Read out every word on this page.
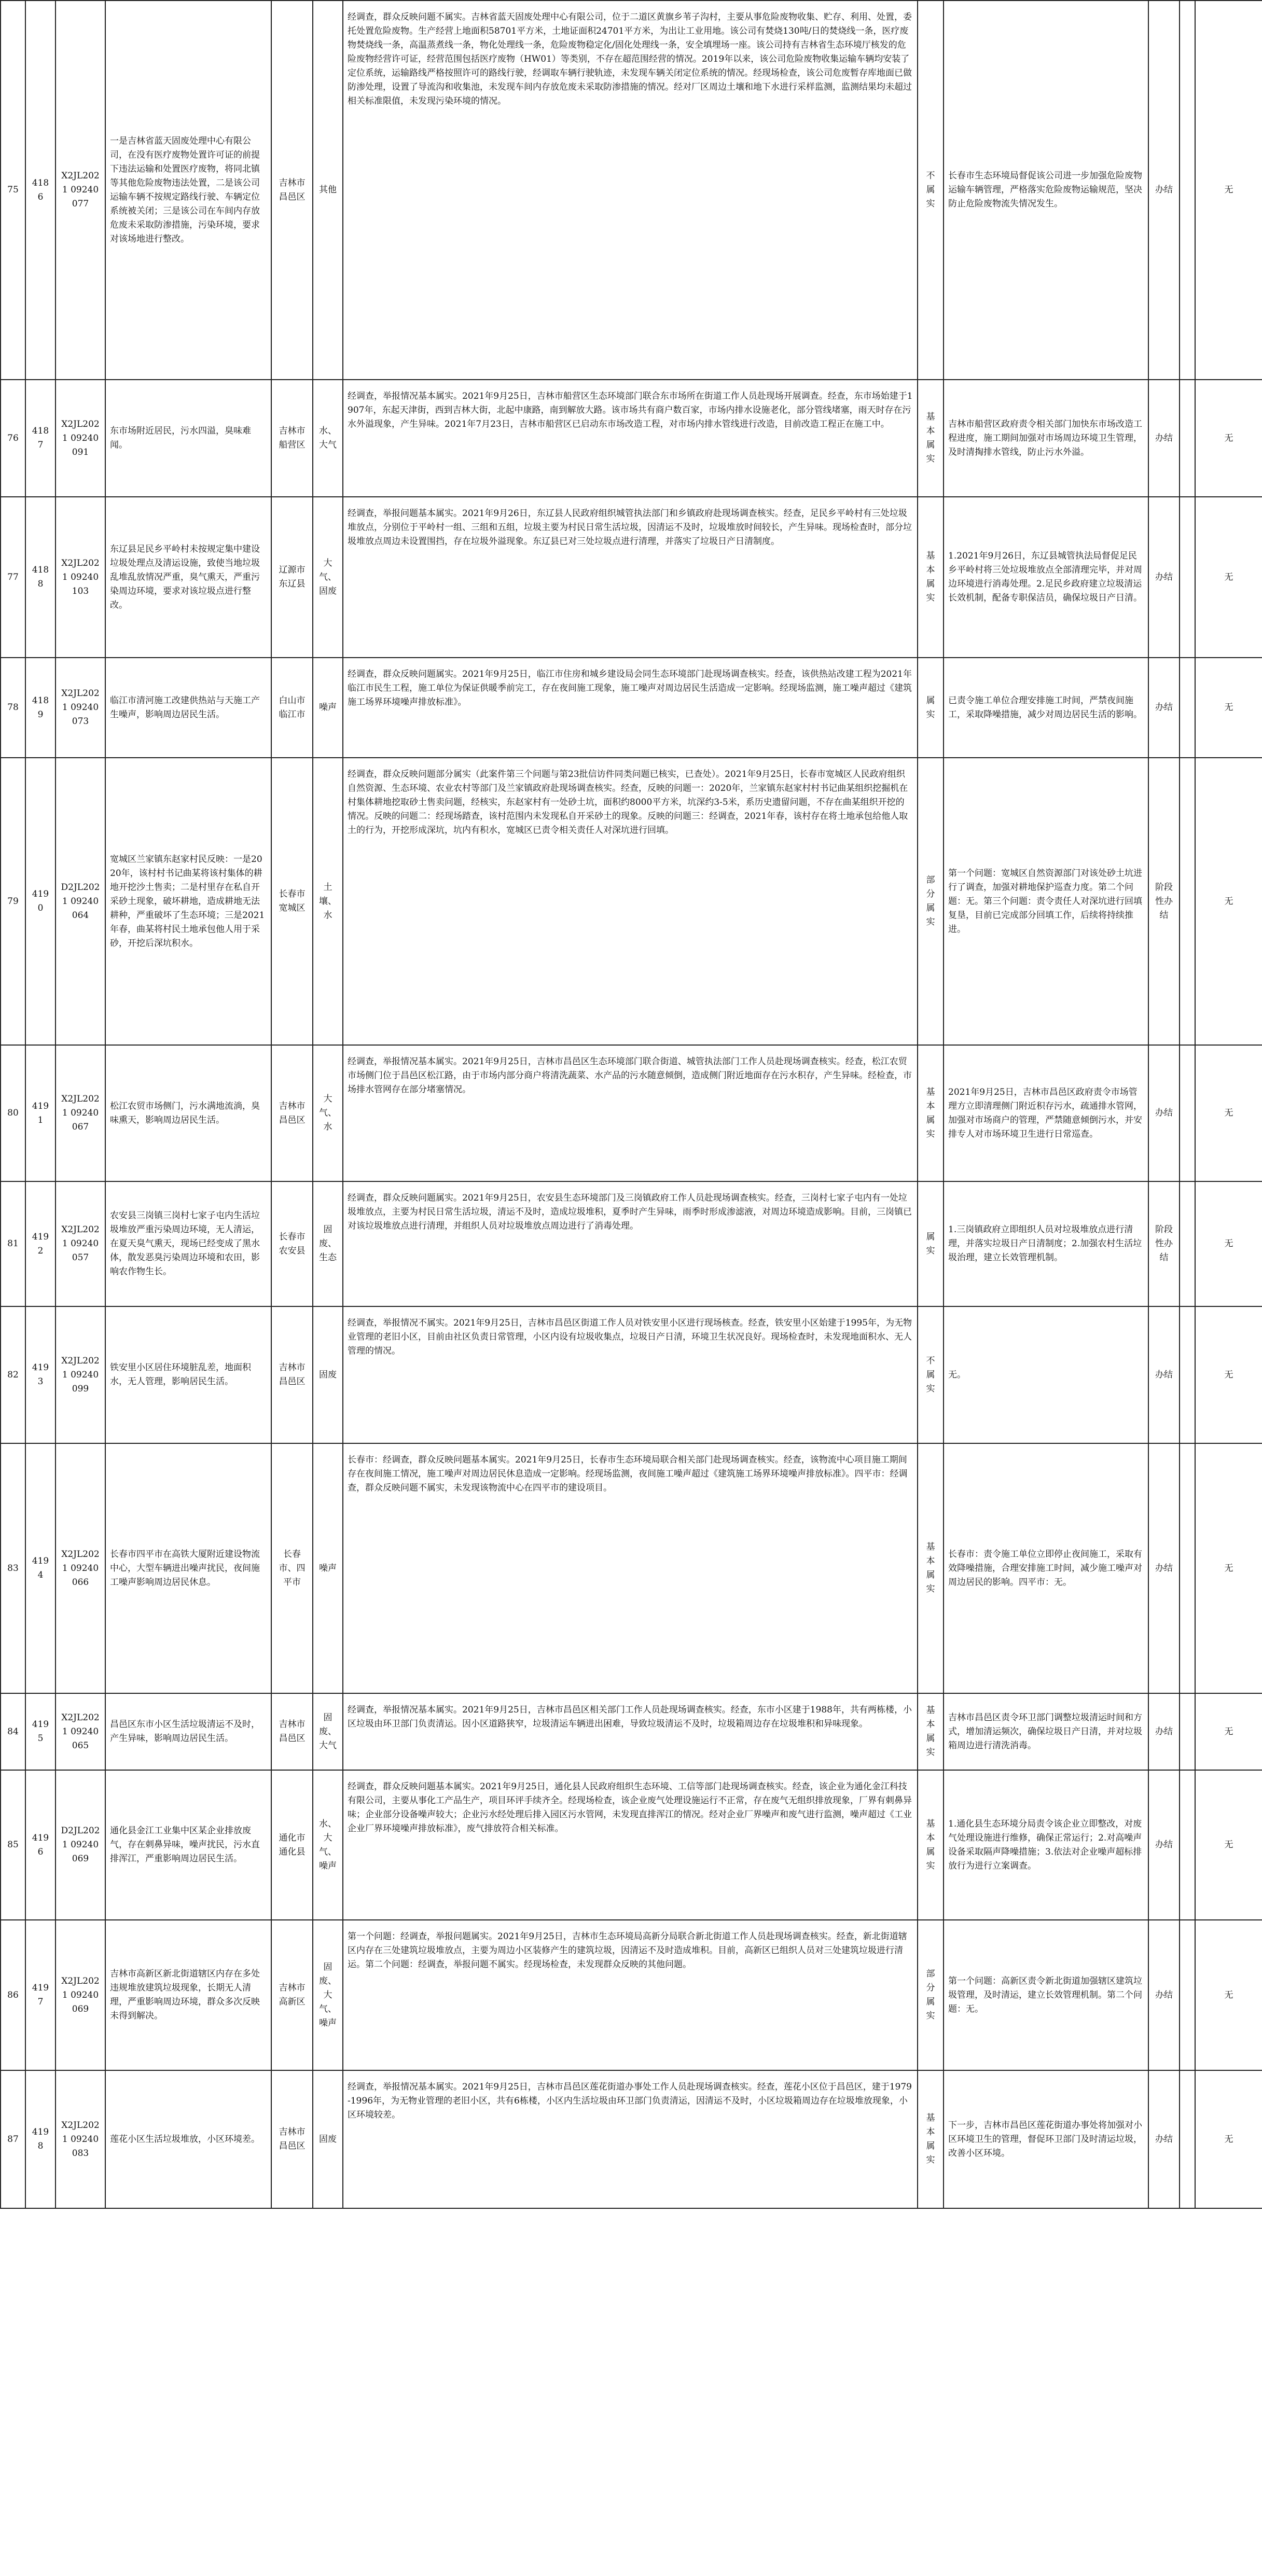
75	4186	X2JL2021 09240077	一是吉林省蓝天固废处理中心有限公司，在没有医疗废物处置许可证的前提下违法运输和处置医疗废物，将同北镇等其他危险废物违法处置，二是该公司运输车辆不按规定路线行驶、车辆定位系统被关闭；三是该公司在车间内存放危废未采取防渗措施，污染环境，要求对该场地进行整改。	吉林市昌邑区	其他	经调查，群众反映问题不属实。吉林省蓝天固废处理中心有限公司，位于二道区黄旗乡苇子沟村，主要从事危险废物收集、贮存、利用、处置，委托处置危险废物。生产经营上地面积58701平方米，土地证面积24701平方米，为出让工业用地。该公司有焚烧130吨/日的焚烧线一条，医疗废物焚烧线一条，高温蒸煮线一条，物化处理线一条，危险废物稳定化/固化处理线一条，安全填埋场一座。该公司持有吉林省生态环境厅核发的危险废物经营许可证，经营范围包括医疗废物（HW01）等类别，不存在超范围经营的情况。2019年以来，该公司危险废物收集运输车辆均安装了定位系统，运输路线严格按照许可的路线行驶，经调取车辆行驶轨迹，未发现车辆关闭定位系统的情况。经现场检查，该公司危废暂存库地面已做防渗处理，设置了导流沟和收集池，未发现车间内存放危废未采取防渗措施的情况。经对厂区周边土壤和地下水进行采样监测，监测结果均未超过相关标准限值，未发现污染环境的情况。	不属实	长春市生态环境局督促该公司进一步加强危险废物运输车辆管理，严格落实危险废物运输规范，坚决防止危险废物流失情况发生。	办结		无
76	4187	X2JL2021 09240091	东市场附近居民，污水四溢，臭味难闻。	吉林市船营区	水、大气	经调查，举报情况基本属实。2021年9月25日，吉林市船营区生态环境部门联合东市场所在街道工作人员赴现场开展调查。经查，东市场始建于1907年，东起天津街，西到吉林大街，北起中康路，南到解放大路。该市场共有商户数百家，市场内排水设施老化，部分管线堵塞，雨天时存在污水外溢现象，产生异味。2021年7月23日，吉林市船营区已启动东市场改造工程，对市场内排水管线进行改造，目前改造工程正在施工中。	基本属实	吉林市船营区政府责令相关部门加快东市场改造工程进度，施工期间加强对市场周边环境卫生管理，及时清掏排水管线，防止污水外溢。	办结		无
77	4188	X2JL2021 09240103	东辽县足民乡平岭村未按规定集中建设垃圾处理点及清运设施，致使当地垃圾乱堆乱放情况严重，臭气熏天，严重污染周边环境，要求对该垃圾点进行整改。	辽源市东辽县	大气、固废	经调查，举报问题基本属实。2021年9月26日，东辽县人民政府组织城管执法部门和乡镇政府赴现场调查核实。经查，足民乡平岭村有三处垃圾堆放点，分别位于平岭村一组、三组和五组，垃圾主要为村民日常生活垃圾，因清运不及时，垃圾堆放时间较长，产生异味。现场检查时，部分垃圾堆放点周边未设置围挡，存在垃圾外溢现象。东辽县已对三处垃圾点进行清理，并落实了垃圾日产日清制度。	基本属实	1.2021年9月26日，东辽县城管执法局督促足民乡平岭村将三处垃圾堆放点全部清理完毕，并对周边环境进行消毒处理。2.足民乡政府建立垃圾清运长效机制，配备专职保洁员，确保垃圾日产日清。	办结		无
78	4189	X2JL2021 09240073	临江市清河施工改建供热站与天施工产生噪声，影响周边居民生活。	白山市临江市	噪声	经调查，群众反映问题属实。2021年9月25日，临江市住房和城乡建设局会同生态环境部门赴现场调查核实。经查，该供热站改建工程为2021年临江市民生工程，施工单位为保证供暖季前完工，存在夜间施工现象，施工噪声对周边居民生活造成一定影响。经现场监测，施工噪声超过《建筑施工场界环境噪声排放标准》。	属实	已责令施工单位合理安排施工时间，严禁夜间施工，采取降噪措施，减少对周边居民生活的影响。	办结		无
79	4190	D2JL2021 09240064	宽城区兰家镇东赵家村民反映：一是2020年，该村村书记曲某将该村集体的耕地开挖沙土售卖；二是村里存在私自开采砂土现象，破坏耕地，造成耕地无法耕种，严重破坏了生态环境；三是2021年春，曲某将村民土地承包他人用于采砂，开挖后深坑积水。	长春市宽城区	土壤、水	经调查，群众反映问题部分属实（此案件第三个问题与第23批信访件同类问题已核实，已查处）。2021年9月25日，长春市宽城区人民政府组织自然资源、生态环境、农业农村等部门及兰家镇政府赴现场调查核实。经查，反映的问题一：2020年，兰家镇东赵家村村书记曲某组织挖掘机在村集体耕地挖取砂土售卖问题，经核实，东赵家村有一处砂土坑，面积约8000平方米，坑深约3-5米，系历史遗留问题，不存在曲某组织开挖的情况。反映的问题二：经现场踏查，该村范围内未发现私自开采砂土的现象。反映的问题三：经调查，2021年春，该村存在将土地承包给他人取土的行为，开挖形成深坑，坑内有积水，宽城区已责令相关责任人对深坑进行回填。	部分属实	第一个问题：宽城区自然资源部门对该处砂土坑进行了调查，加强对耕地保护巡查力度。第二个问题：无。第三个问题：责令责任人对深坑进行回填复垦，目前已完成部分回填工作，后续将持续推进。	阶段性办结		无
80	4191	X2JL2021 09240067	松江农贸市场侧门，污水满地流淌，臭味熏天，影响周边居民生活。	吉林市昌邑区	大气、水	经调查，举报情况基本属实。2021年9月25日，吉林市昌邑区生态环境部门联合街道、城管执法部门工作人员赴现场调查核实。经查，松江农贸市场侧门位于昌邑区松江路，由于市场内部分商户将清洗蔬菜、水产品的污水随意倾倒，造成侧门附近地面存在污水积存，产生异味。经检查，市场排水管网存在部分堵塞情况。	基本属实	2021年9月25日，吉林市昌邑区政府责令市场管理方立即清理侧门附近积存污水，疏通排水管网，加强对市场商户的管理，严禁随意倾倒污水，并安排专人对市场环境卫生进行日常巡查。	办结		无
81	4192	X2JL2021 09240057	农安县三岗镇三岗村七家子屯内生活垃圾堆放严重污染周边环境，无人清运，在夏天臭气熏天，现场已经变成了黑水体，散发恶臭污染周边环境和农田，影响农作物生长。	长春市农安县	固废、生态	经调查，群众反映问题属实。2021年9月25日，农安县生态环境部门及三岗镇政府工作人员赴现场调查核实。经查，三岗村七家子屯内有一处垃圾堆放点，主要为村民日常生活垃圾，清运不及时，造成垃圾堆积，夏季时产生异味，雨季时形成渗滤液，对周边环境造成影响。目前，三岗镇已对该垃圾堆放点进行清理，并组织人员对垃圾堆放点周边进行了消毒处理。	属实	1.三岗镇政府立即组织人员对垃圾堆放点进行清理，并落实垃圾日产日清制度；2.加强农村生活垃圾治理，建立长效管理机制。	阶段性办结		无
82	4193	X2JL2021 09240099	铁安里小区居住环境脏乱差，地面积水，无人管理，影响居民生活。	吉林市昌邑区	固废	经调查，举报情况不属实。2021年9月25日，吉林市昌邑区街道工作人员对铁安里小区进行现场核查。经查，铁安里小区始建于1995年，为无物业管理的老旧小区，目前由社区负责日常管理，小区内设有垃圾收集点，垃圾日产日清，环境卫生状况良好。现场检查时，未发现地面积水、无人管理的情况。	不属实	无。	办结		无
83	4194	X2JL2021 09240066	长春市四平市在高铁大厦附近建设物流中心，大型车辆进出噪声扰民，夜间施工噪声影响周边居民休息。	长春市、四平市	噪声	长春市：经调查，群众反映问题基本属实。2021年9月25日，长春市生态环境局联合相关部门赴现场调查核实。经查，该物流中心项目施工期间存在夜间施工情况，施工噪声对周边居民休息造成一定影响。经现场监测，夜间施工噪声超过《建筑施工场界环境噪声排放标准》。四平市：经调查，群众反映问题不属实，未发现该物流中心在四平市的建设项目。	基本属实	长春市：责令施工单位立即停止夜间施工，采取有效降噪措施，合理安排施工时间，减少施工噪声对周边居民的影响。四平市：无。	办结		无
84	4195	X2JL2021 09240065	昌邑区东市小区生活垃圾清运不及时，产生异味，影响周边居民生活。	吉林市昌邑区	固废、大气	经调查，举报情况基本属实。2021年9月25日，吉林市昌邑区相关部门工作人员赴现场调查核实。经查，东市小区建于1988年，共有两栋楼，小区垃圾由环卫部门负责清运。因小区道路狭窄，垃圾清运车辆进出困难，导致垃圾清运不及时，垃圾箱周边存在垃圾堆积和异味现象。	基本属实	吉林市昌邑区责令环卫部门调整垃圾清运时间和方式，增加清运频次，确保垃圾日产日清，并对垃圾箱周边进行清洗消毒。	办结		无
85	4196	D2JL2021 09240069	通化县金江工业集中区某企业排放废气，存在刺鼻异味，噪声扰民，污水直排浑江，严重影响周边居民生活。	通化市通化县	水、大气、噪声	经调查，群众反映问题基本属实。2021年9月25日，通化县人民政府组织生态环境、工信等部门赴现场调查核实。经查，该企业为通化金江科技有限公司，主要从事化工产品生产，项目环评手续齐全。经现场检查，该企业废气处理设施运行不正常，存在废气无组织排放现象，厂界有刺鼻异味；企业部分设备噪声较大；企业污水经处理后排入园区污水管网，未发现直排浑江的情况。经对企业厂界噪声和废气进行监测，噪声超过《工业企业厂界环境噪声排放标准》，废气排放符合相关标准。	基本属实	1.通化县生态环境分局责令该企业立即整改，对废气处理设施进行维修，确保正常运行；2.对高噪声设备采取隔声降噪措施；3.依法对企业噪声超标排放行为进行立案调查。	办结		无
86	4197	X2JL2021 09240069	吉林市高新区新北街道辖区内存在多处违规堆放建筑垃圾现象，长期无人清理，严重影响周边环境，群众多次反映未得到解决。	吉林市高新区	固废、大气、噪声	第一个问题：经调查，举报问题属实。2021年9月25日，吉林市生态环境局高新分局联合新北街道工作人员赴现场调查核实。经查，新北街道辖区内存在三处建筑垃圾堆放点，主要为周边小区装修产生的建筑垃圾，因清运不及时造成堆积。目前，高新区已组织人员对三处建筑垃圾进行清运。第二个问题：经调查，举报问题不属实。经现场检查，未发现群众反映的其他问题。	部分属实	第一个问题：高新区责令新北街道加强辖区建筑垃圾管理，及时清运，建立长效管理机制。第二个问题：无。	办结		无
87	4198	X2JL2021 09240083	莲花小区生活垃圾堆放，小区环境差。	吉林市昌邑区	固废	经调查，举报情况基本属实。2021年9月25日，吉林市昌邑区莲花街道办事处工作人员赴现场调查核实。经查，莲花小区位于昌邑区，建于1979-1996年，为无物业管理的老旧小区，共有6栋楼，小区内生活垃圾由环卫部门负责清运，因清运不及时，小区垃圾箱周边存在垃圾堆放现象，小区环境较差。	基本属实	下一步，吉林市昌邑区莲花街道办事处将加强对小区环境卫生的管理，督促环卫部门及时清运垃圾，改善小区环境。	办结		无
